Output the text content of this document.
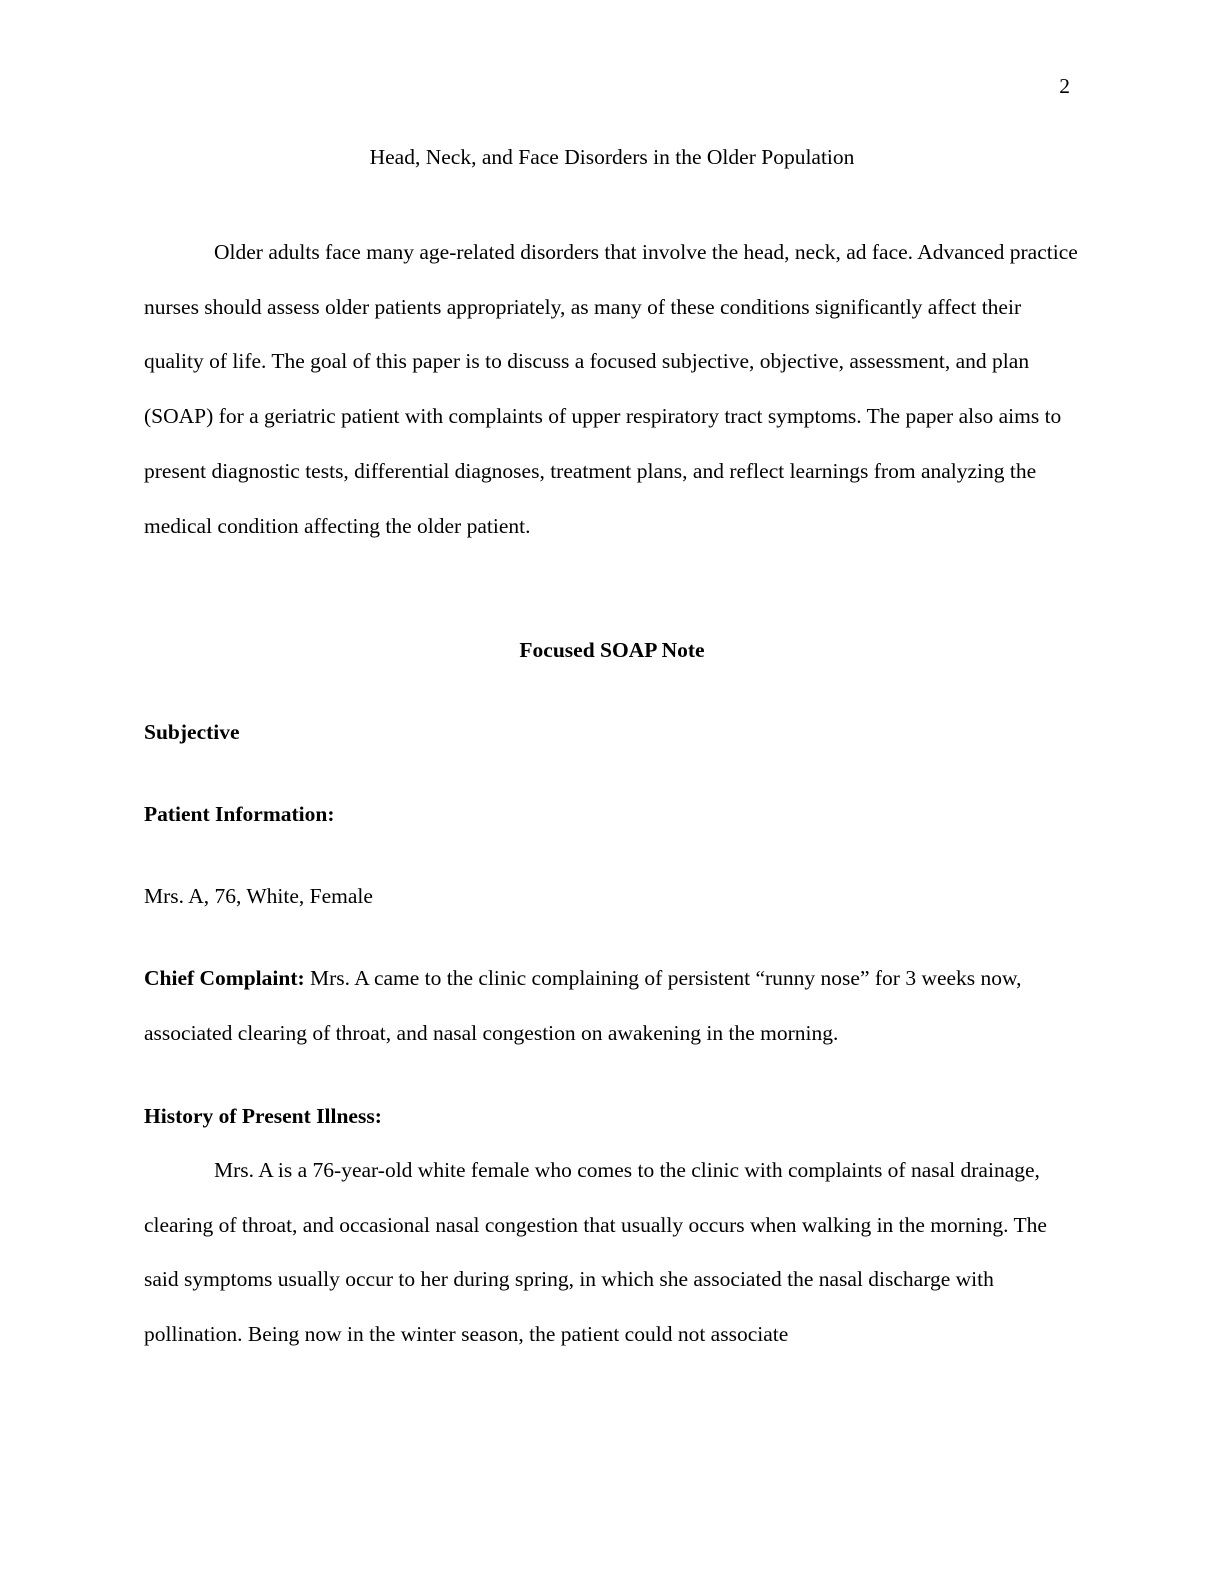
2
Head, Neck, and Face Disorders in the Older Population

Older adults face many age-related disorders that involve the head, neck, ad face. Advanced practice nurses should assess older patients appropriately, as many of these conditions significantly affect their quality of life. The goal of this paper is to discuss a focused subjective, objective, assessment, and plan (SOAP) for a geriatric patient with complaints of upper respiratory tract symptoms. The paper also aims to present diagnostic tests, differential diagnoses, treatment plans, and reflect learnings from analyzing the medical condition affecting the older patient.

Focused SOAP Note
Subjective
Patient Information:

Mrs. A, 76, White, Female

Chief Complaint: Mrs. A came to the clinic complaining of persistent “runny nose” for 3 weeks now, associated clearing of throat, and nasal congestion on awakening in the morning.

History of Present Illness:

Mrs. A is a 76-year-old white female who comes to the clinic with complaints of nasal drainage, clearing of throat, and occasional nasal congestion that usually occurs when walking in the morning. The said symptoms usually occur to her during spring, in which she associated the nasal discharge with pollination. Being now in the winter season, the patient could not associate
